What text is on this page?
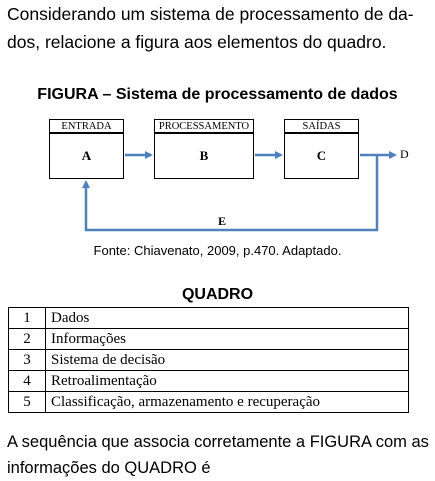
Considerando um sistema de processamento de da-dos, relacione a figura aos elementos do quadro.
FIGURA – Sistema de processamento de dados
ENTRADA
A
PROCESSAMENTO
B
SAÍDAS
C	D
E
Fonte: Chiavenato, 2009, p.470. Adaptado.
QUADRO
1	Dados
2	Informações
3	Sistema de decisão
4	Retroalimentação
5	Classificação, armazenamento e recuperação
A sequência que associa corretamente a FIGURA com as informações do QUADRO é
